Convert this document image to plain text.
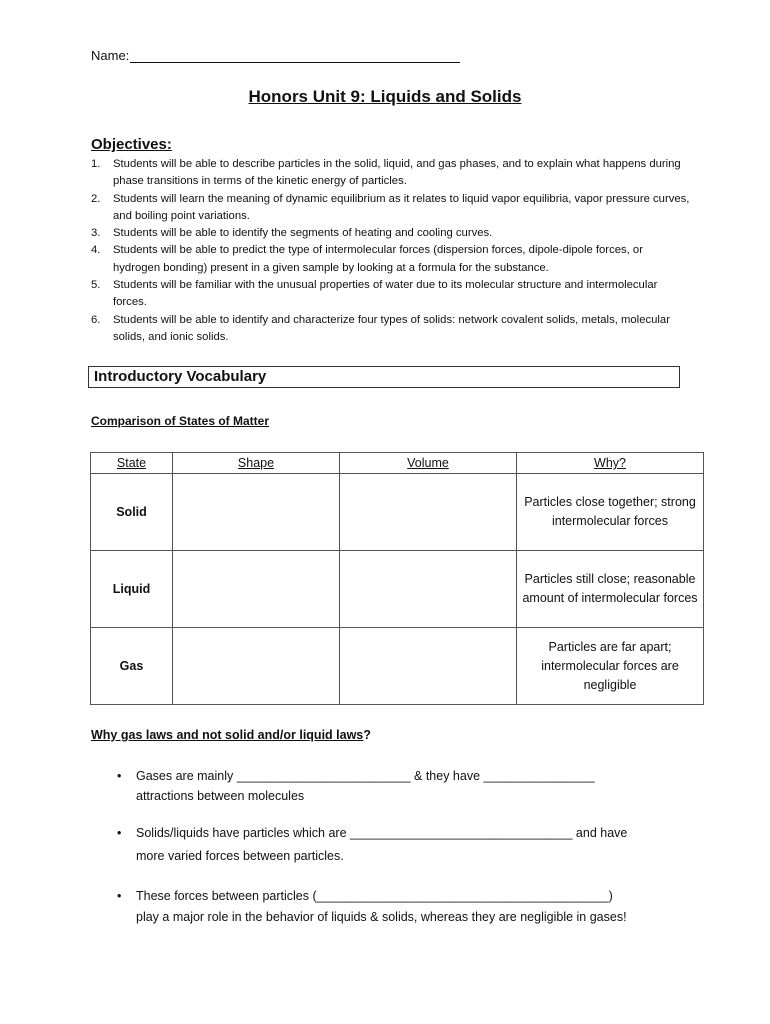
Name:
Honors Unit 9: Liquids and Solids
Objectives:
1.	Students will be able to describe particles in the solid, liquid, and gas phases, and to explain what happens during phase transitions in terms of the kinetic energy of particles.
2.	Students will learn the meaning of dynamic equilibrium as it relates to liquid vapor equilibria, vapor pressure curves, and boiling point variations.
3.	Students will be able to identify the segments of heating and cooling curves.
4.	Students will be able to predict the type of intermolecular forces (dispersion forces, dipole-dipole forces, or hydrogen bonding) present in a given sample by looking at a formula for the substance.
5.	Students will be familiar with the unusual properties of water due to its molecular structure and intermolecular forces.
6.	Students will be able to identify and characterize four types of solids: network covalent solids, metals, molecular solids, and ionic solids.
Introductory Vocabulary
Comparison of States of Matter
State	Shape	Volume	Why?
Solid			Particles close together; strong intermolecular forces
Liquid			Particles still close; reasonable amount of intermolecular forces
Gas			Particles are far apart; intermolecular forces are negligible
Why gas laws and not solid and/or liquid laws?
• Gases are mainly _________________________ & they have ________________
attractions between molecules
• Solids/liquids have particles which are ________________________________ and have
more varied forces between particles.
• These forces between particles (__________________________________________)
play a major role in the behavior of liquids & solids, whereas they are negligible in gases!
